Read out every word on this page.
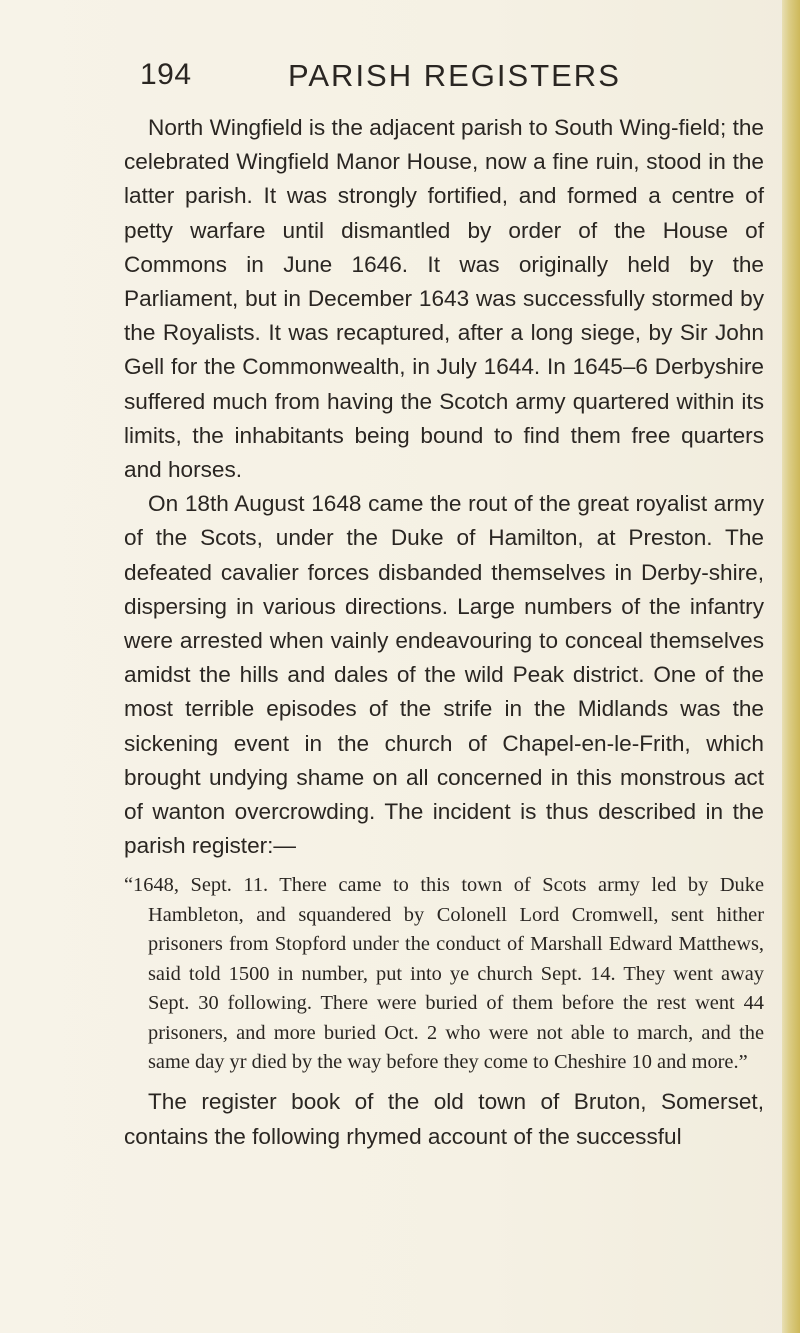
194	PARISH REGISTERS

North Wingfield is the adjacent parish to South Wing-field; the celebrated Wingfield Manor House, now a fine ruin, stood in the latter parish. It was strongly fortified, and formed a centre of petty warfare until dismantled by order of the House of Commons in June 1646. It was originally held by the Parliament, but in December 1643 was successfully stormed by the Royalists. It was recaptured, after a long siege, by Sir John Gell for the Commonwealth, in July 1644. In 1645–6 Derbyshire suffered much from having the Scotch army quartered within its limits, the inhabitants being bound to find them free quarters and horses.

On 18th August 1648 came the rout of the great royalist army of the Scots, under the Duke of Hamilton, at Preston. The defeated cavalier forces disbanded themselves in Derby-shire, dispersing in various directions. Large numbers of the infantry were arrested when vainly endeavouring to conceal themselves amidst the hills and dales of the wild Peak district. One of the most terrible episodes of the strife in the Midlands was the sickening event in the church of Chapel-en-le-Frith, which brought undying shame on all concerned in this monstrous act of wanton overcrowding. The incident is thus described in the parish register:—

“1648, Sept. 11. There came to this town of Scots army led by Duke Hambleton, and squandered by Colonell Lord Cromwell, sent hither prisoners from Stopford under the conduct of Marshall Edward Matthews, said told 1500 in number, put into ye church Sept. 14. They went away Sept. 30 following. There were buried of them before the rest went 44 prisoners, and more buried Oct. 2 who were not able to march, and the same day yr died by the way before they come to Cheshire 10 and more.”

The register book of the old town of Bruton, Somerset, contains the following rhymed account of the successful
